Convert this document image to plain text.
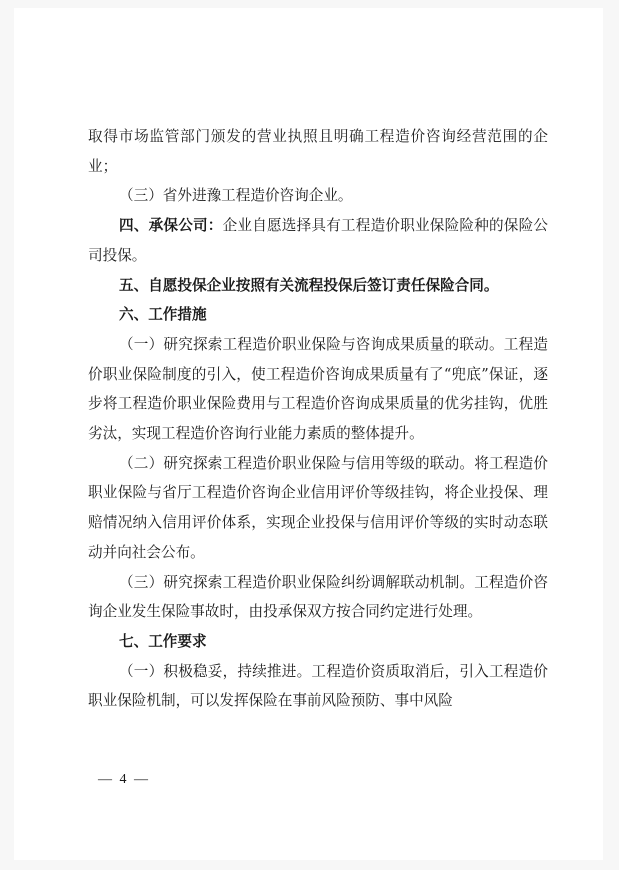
取得市场监管部门颁发的营业执照且明确工程造价咨询经营范围的企业；

（三）省外进豫工程造价咨询企业。

四、承保公司：企业自愿选择具有工程造价职业保险险种的保险公司投保。

五、自愿投保企业按照有关流程投保后签订责任保险合同。

六、工作措施

（一）研究探索工程造价职业保险与咨询成果质量的联动。工程造价职业保险制度的引入，使工程造价咨询成果质量有了“兜底”保证，逐步将工程造价职业保险费用与工程造价咨询成果质量的优劣挂钩，优胜劣汰，实现工程造价咨询行业能力素质的整体提升。

（二）研究探索工程造价职业保险与信用等级的联动。将工程造价职业保险与省厅工程造价咨询企业信用评价等级挂钩，将企业投保、理赔情况纳入信用评价体系，实现企业投保与信用评价等级的实时动态联动并向社会公布。

（三）研究探索工程造价职业保险纠纷调解联动机制。工程造价咨询企业发生保险事故时，由投承保双方按合同约定进行处理。

七、工作要求

（一）积极稳妥，持续推进。工程造价资质取消后，引入工程造价职业保险机制，可以发挥保险在事前风险预防、事中风险

— 4 —
